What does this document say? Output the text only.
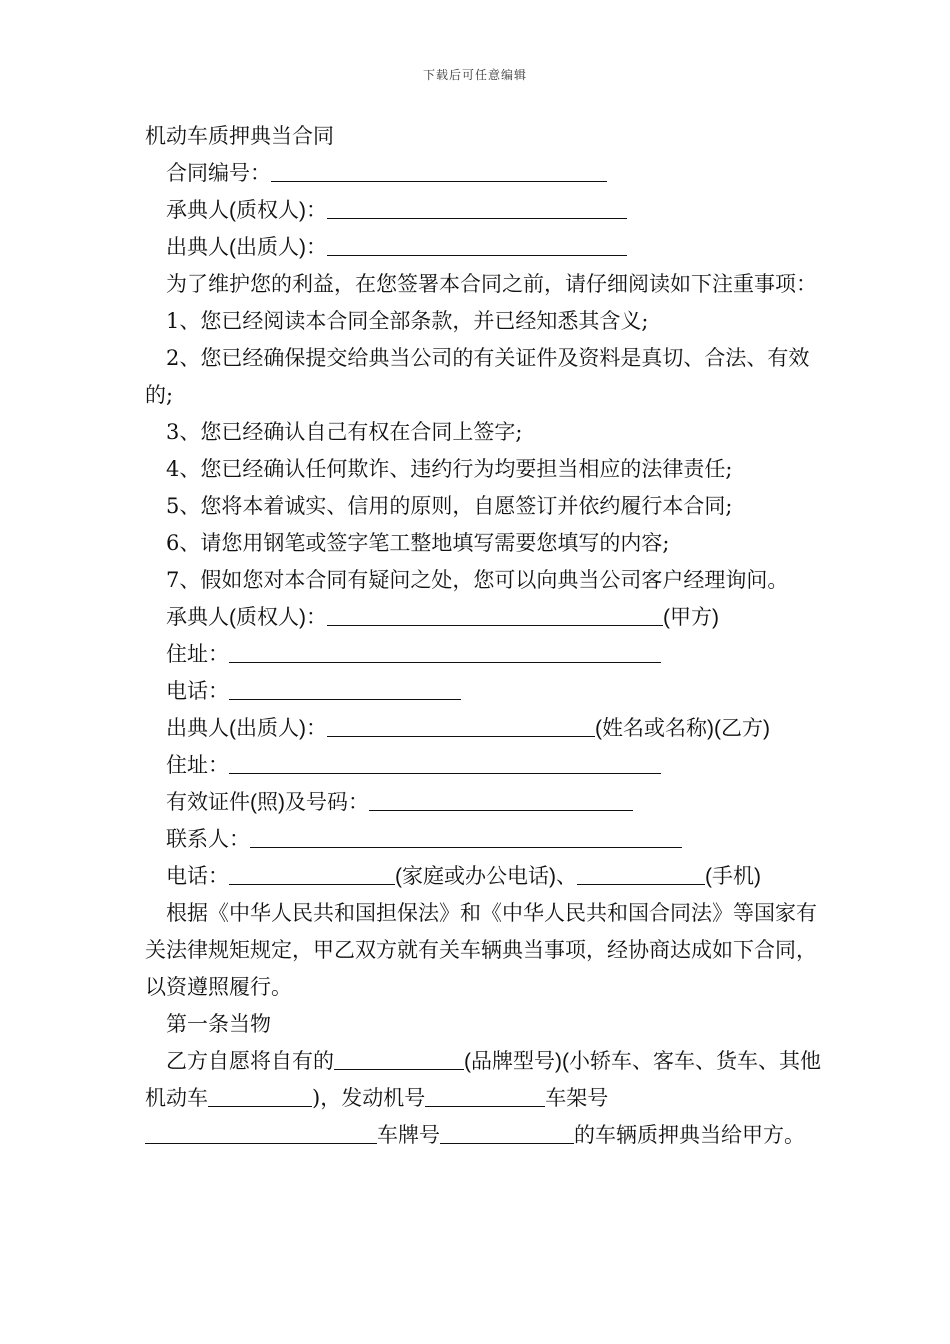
下载后可任意编辑
机动车质押典当合同
合同编号：
承典人(质权人)：
出典人(出质人)：
为了维护您的利益，在您签署本合同之前，请仔细阅读如下注重事项：
1、您已经阅读本合同全部条款，并已经知悉其含义;
2、您已经确保提交给典当公司的有关证件及资料是真切、合法、有效的;
3、您已经确认自己有权在合同上签字;
4、您已经确认任何欺诈、违约行为均要担当相应的法律责任;
5、您将本着诚实、信用的原则，自愿签订并依约履行本合同;
6、请您用钢笔或签字笔工整地填写需要您填写的内容;
7、假如您对本合同有疑问之处，您可以向典当公司客户经理询问。
承典人(质权人)：	(甲方)
住址：
电话：
出典人(出质人)：	(姓名或名称)(乙方)
住址：
有效证件(照)及号码：
联系人：
电话：	(家庭或办公电话)、	(手机)
根据《中华人民共和国担保法》和《中华人民共和国合同法》等国家有关法律规矩规定，甲乙双方就有关车辆典当事项，经协商达成如下合同，以资遵照履行。
第一条当物
乙方自愿将自有的	(品牌型号)(小轿车、客车、货车、其他机动车	)，发动机号	车架号车牌号	的车辆质押典当给甲方。
